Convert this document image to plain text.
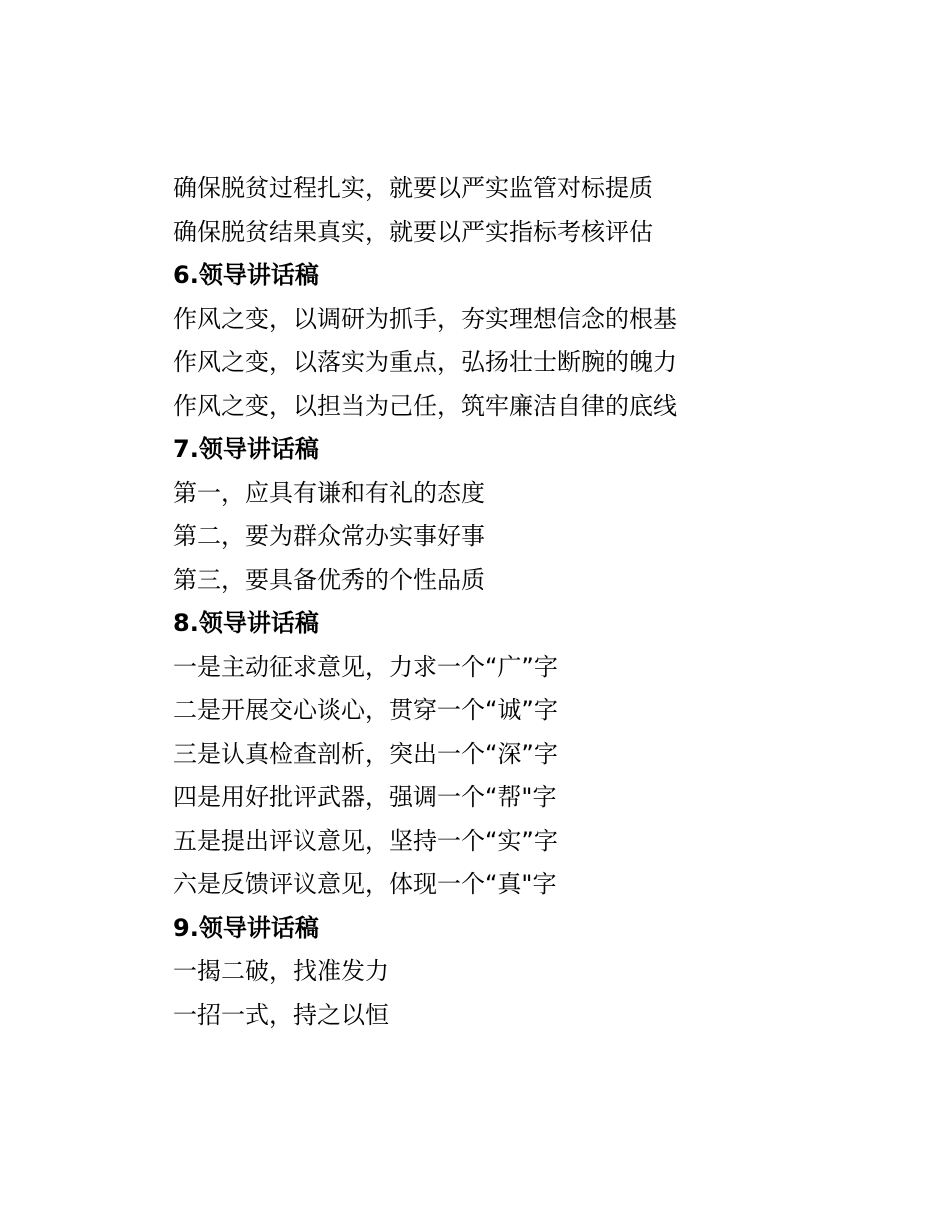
确保脱贫过程扎实，就要以严实监管对标提质
确保脱贫结果真实，就要以严实指标考核评估
6.领导讲话稿
作风之变，以调研为抓手，夯实理想信念的根基
作风之变，以落实为重点，弘扬壮士断腕的魄力
作风之变，以担当为己任，筑牢廉洁自律的底线
7.领导讲话稿
第一，应具有谦和有礼的态度
第二，要为群众常办实事好事
第三，要具备优秀的个性品质
8.领导讲话稿
一是主动征求意见，力求一个“广”字
二是开展交心谈心，贯穿一个“诚”字
三是认真检查剖析，突出一个“深”字
四是用好批评武器，强调一个“帮"字
五是提出评议意见，坚持一个“实”字
六是反馈评议意见，体现一个“真"字
9.领导讲话稿
一揭二破，找准发力
一招一式，持之以恒
